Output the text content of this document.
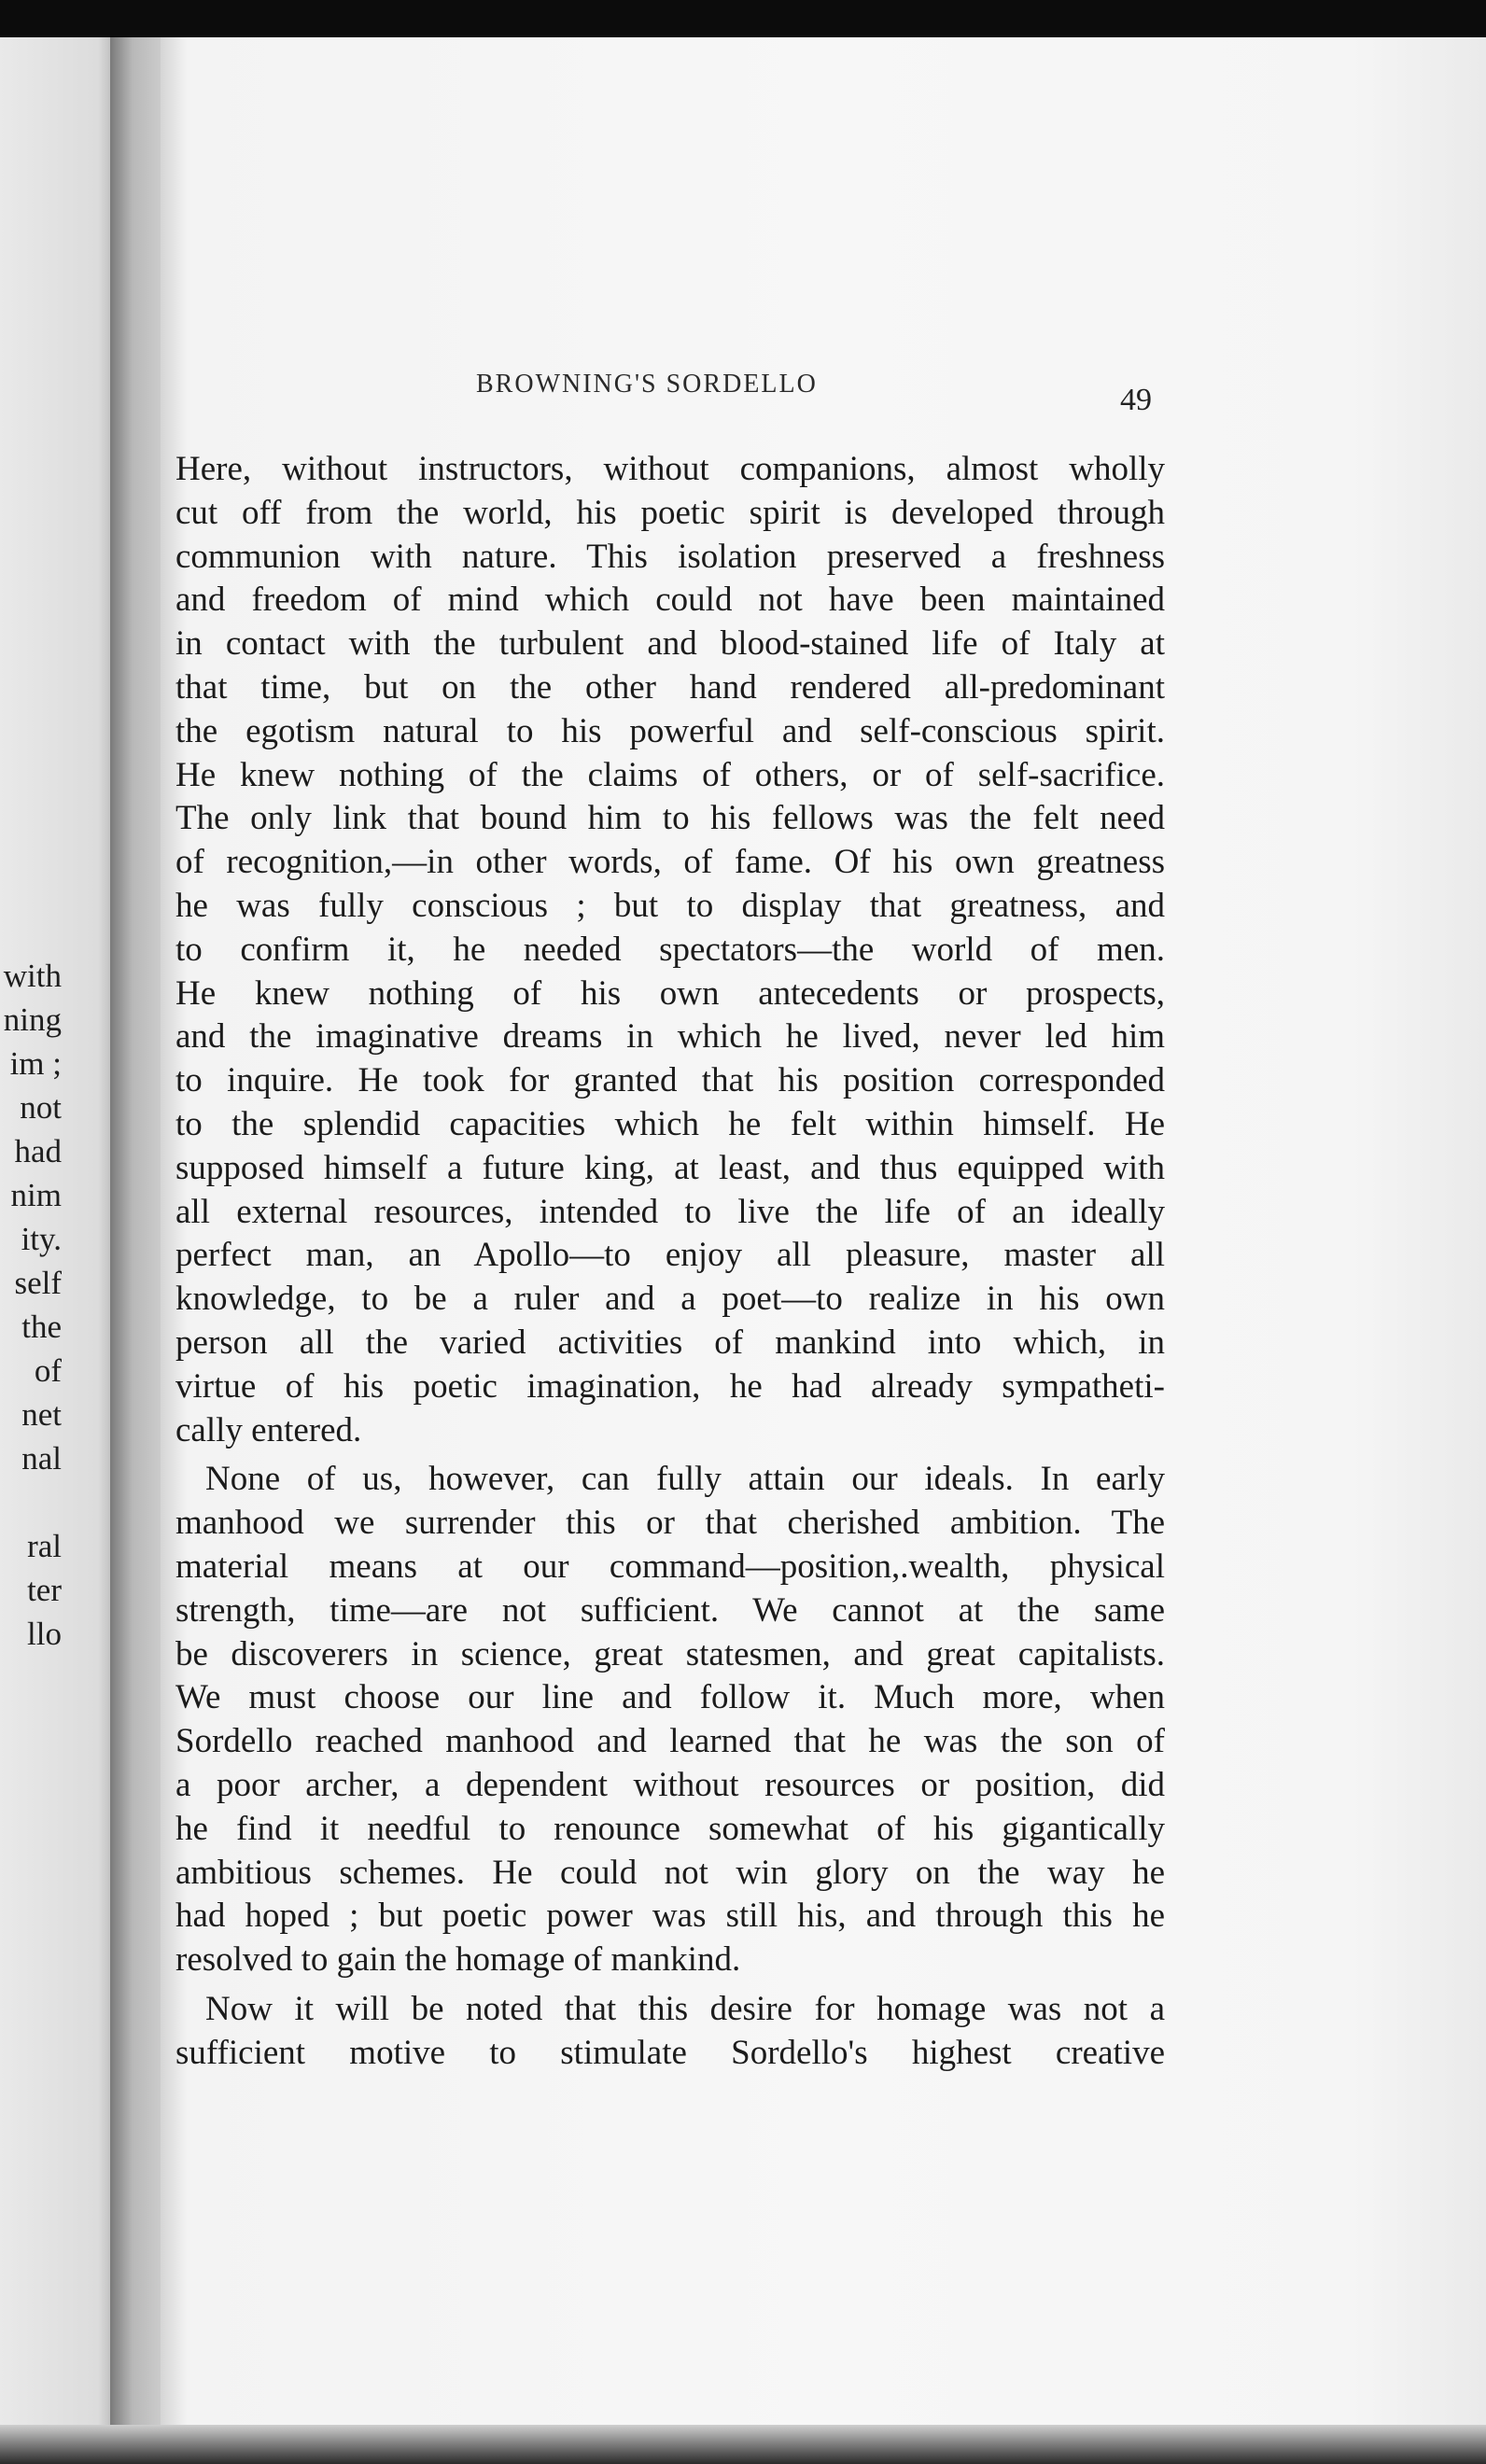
with
ning
im ;
not
had
nim
ity.
self
the
of
net
nal
ral
ter
llo
BROWNING'S SORDELLO	49
Here, without instructors, without companions, almost wholly
cut off from the world, his poetic spirit is developed through
communion with nature. This isolation preserved a freshness
and freedom of mind which could not have been maintained
in contact with the turbulent and blood-stained life of Italy at
that time, but on the other hand rendered all-predominant
the egotism natural to his powerful and self-conscious spirit.
He knew nothing of the claims of others, or of self-sacrifice.
The only link that bound him to his fellows was the felt need
of recognition,—in other words, of fame. Of his own greatness
he was fully conscious ; but to display that greatness, and
to confirm it, he needed spectators—the world of men.
He knew nothing of his own antecedents or prospects,
and the imaginative dreams in which he lived, never led him
to inquire. He took for granted that his position corresponded
to the splendid capacities which he felt within himself. He
supposed himself a future king, at least, and thus equipped with
all external resources, intended to live the life of an ideally
perfect man, an Apollo—to enjoy all pleasure, master all
knowledge, to be a ruler and a poet—to realize in his own
person all the varied activities of mankind into which, in
virtue of his poetic imagination, he had already sympatheti-
cally entered.
None of us, however, can fully attain our ideals. In early
manhood we surrender this or that cherished ambition. The
material means at our command—position,.wealth, physical
strength, time—are not sufficient. We cannot at the same
be discoverers in science, great statesmen, and great capitalists.
We must choose our line and follow it. Much more, when
Sordello reached manhood and learned that he was the son of
a poor archer, a dependent without resources or position, did
he find it needful to renounce somewhat of his gigantically
ambitious schemes. He could not win glory on the way he
had hoped ; but poetic power was still his, and through this he
resolved to gain the homage of mankind.
Now it will be noted that this desire for homage was not a
sufficient motive to stimulate Sordello's highest creative
